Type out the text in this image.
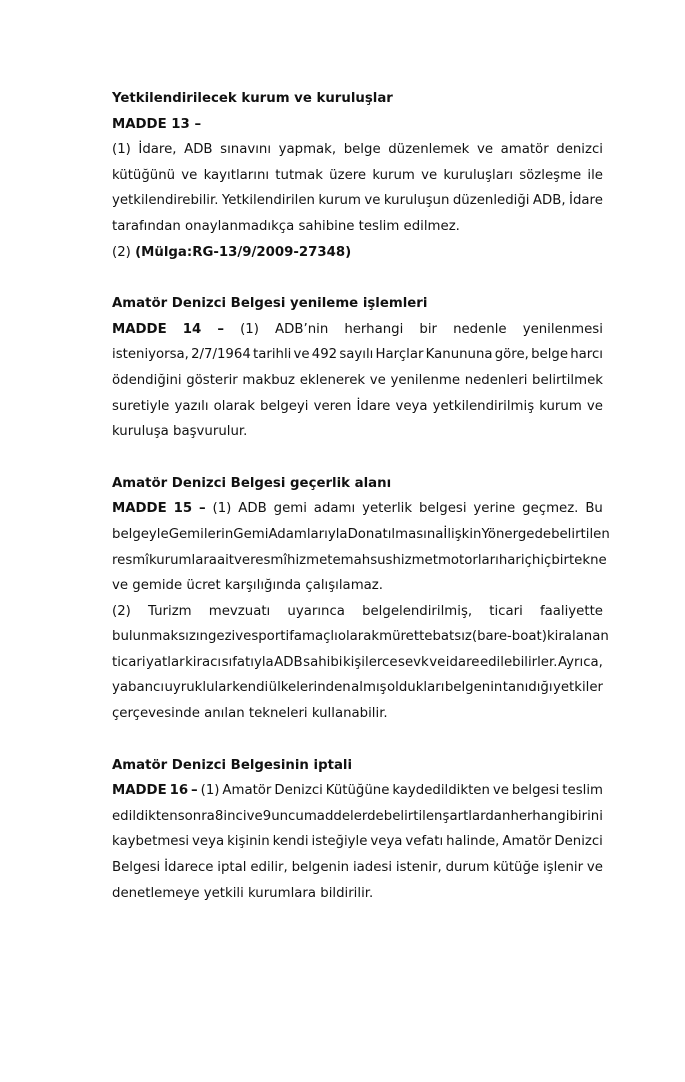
Yetkilendirilecek kurum ve kuruluşlar
MADDE 13 –
(1) İdare, ADB sınavını yapmak, belge düzenlemek ve amatör denizci
kütüğünü ve kayıtlarını tutmak üzere kurum ve kuruluşları sözleşme ile
yetkilendirebilir. Yetkilendirilen kurum ve kuruluşun düzenlediği ADB, İdare
tarafından onaylanmadıkça sahibine teslim edilmez.
(2) (Mülga:RG-13/9/2009-27348)
Amatör Denizci Belgesi yenileme işlemleri
MADDE 14 – (1) ADB’nin herhangi bir nedenle yenilenmesi
isteniyorsa, 2/7/1964 tarihli ve 492 sayılı Harçlar Kanununa göre, belge harcı
ödendiğini gösterir makbuz eklenerek ve yenilenme nedenleri belirtilmek
suretiyle yazılı olarak belgeyi veren İdare veya yetkilendirilmiş kurum ve
kuruluşa başvurulur.
Amatör Denizci Belgesi geçerlik alanı
MADDE 15 – (1) ADB gemi adamı yeterlik belgesi yerine geçmez. Bu
belgeyle Gemilerin Gemi Adamlarıyla Donatılmasına İlişkin Yönergede belirtilen
resmî kurumlara ait ve resmî hizmete mahsus hizmet motorları hariç hiçbir tekne
ve gemide ücret karşılığında çalışılamaz.
(2) Turizm mevzuatı uyarınca belgelendirilmiş, ticari faaliyette
bulunmaksızın gezi ve sportif amaçlı olarak mürettebatsız (bare-boat) kiralanan
ticari yatlar kiracı sıfatıyla ADB sahibi kişilerce sevk ve idare edilebilirler. Ayrıca,
yabancı uyruklular kendi ülkelerinden almış oldukları belgenin tanıdığı yetkiler
çerçevesinde anılan tekneleri kullanabilir.
Amatör Denizci Belgesinin iptali
MADDE 16 – (1) Amatör Denizci Kütüğüne kaydedildikten ve belgesi teslim
edildikten sonra 8 inci ve 9 uncu maddelerde belirtilen şartlardan herhangi birini
kaybetmesi veya kişinin kendi isteğiyle veya vefatı halinde, Amatör Denizci
Belgesi İdarece iptal edilir, belgenin iadesi istenir, durum kütüğe işlenir ve
denetlemeye yetkili kurumlara bildirilir.
